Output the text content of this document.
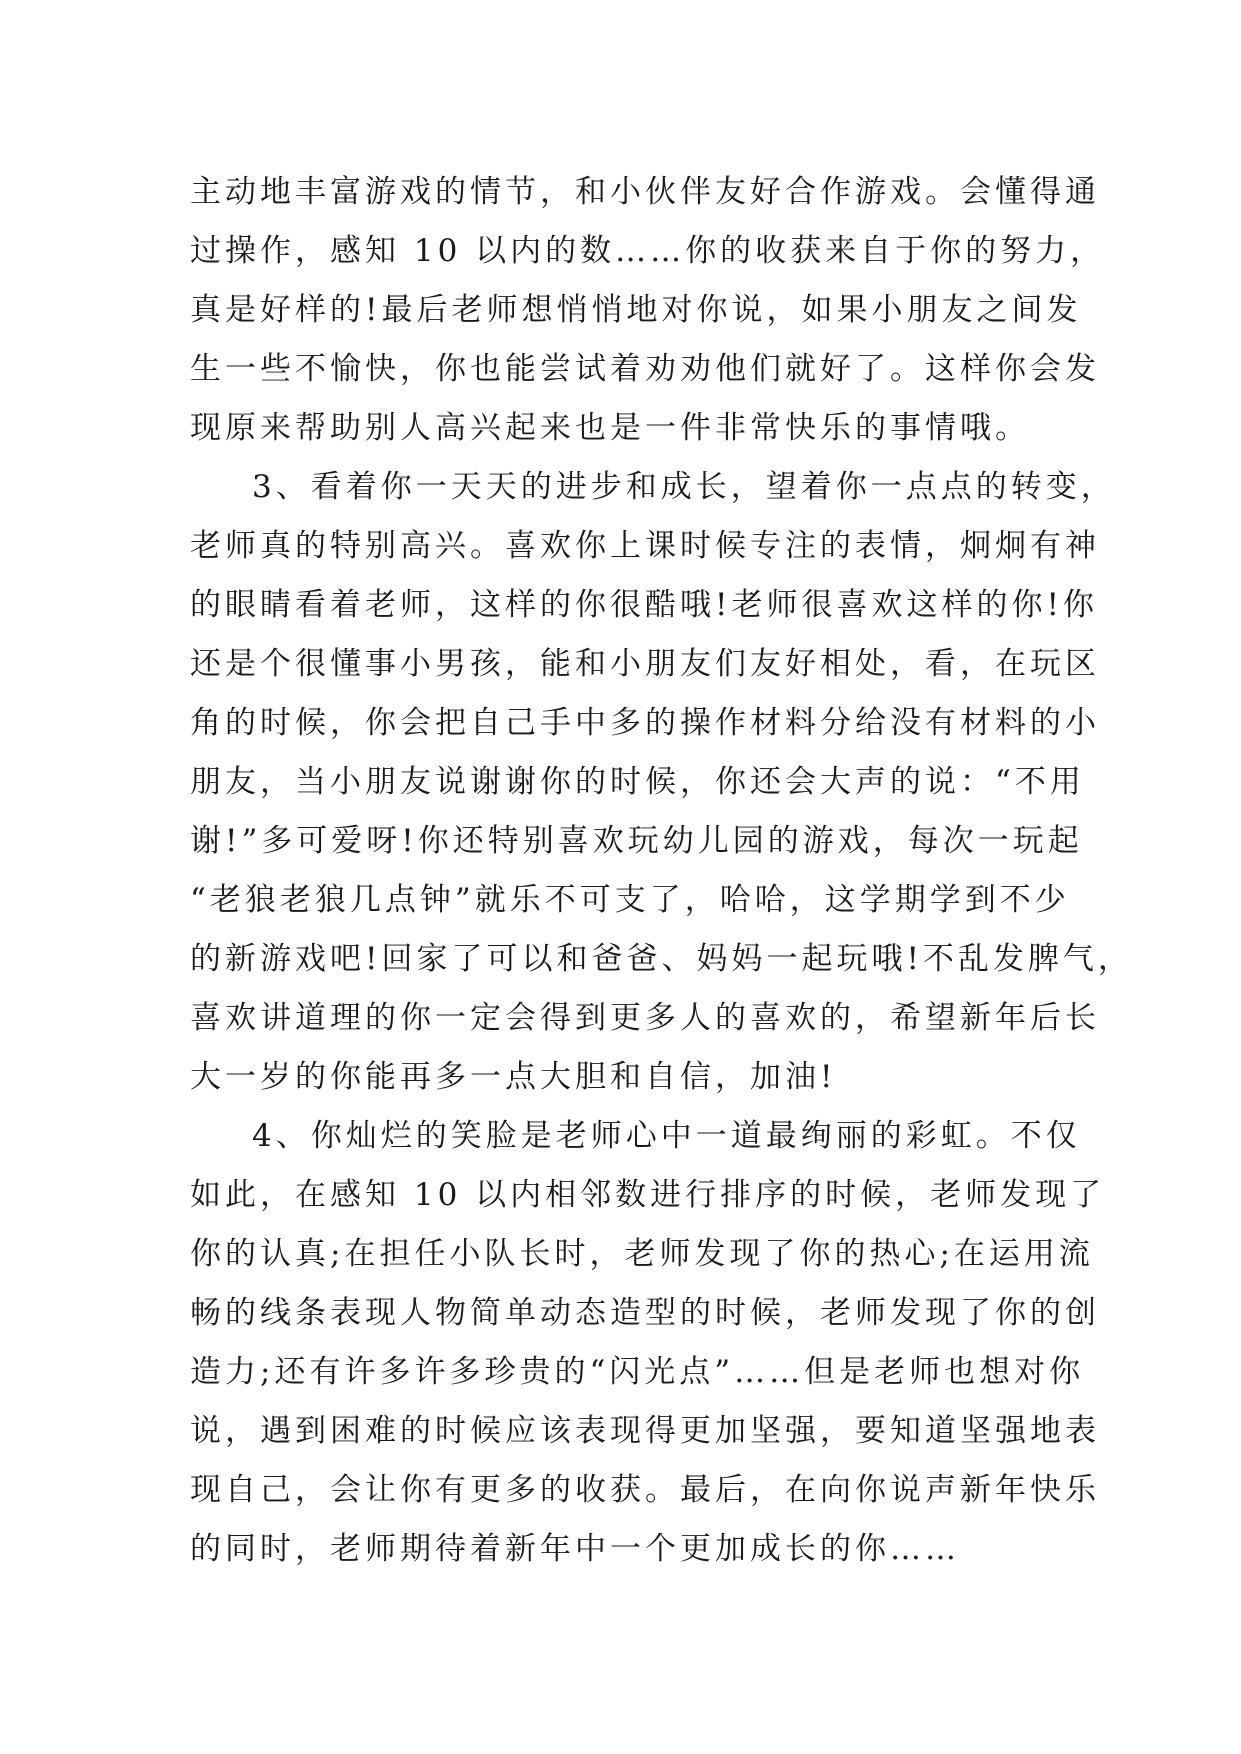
主动地丰富游戏的情节，和小伙伴友好合作游戏。会懂得通
过操作，感知 10 以内的数……你的收获来自于你的努力，
真是好样的!最后老师想悄悄地对你说，如果小朋友之间发
生一些不愉快，你也能尝试着劝劝他们就好了。这样你会发
现原来帮助别人高兴起来也是一件非常快乐的事情哦。
3、看着你一天天的进步和成长，望着你一点点的转变，
老师真的特别高兴。喜欢你上课时候专注的表情，炯炯有神
的眼睛看着老师，这样的你很酷哦!老师很喜欢这样的你!你
还是个很懂事小男孩，能和小朋友们友好相处，看，在玩区
角的时候，你会把自己手中多的操作材料分给没有材料的小
朋友，当小朋友说谢谢你的时候，你还会大声的说：“不用
谢!”多可爱呀!你还特别喜欢玩幼儿园的游戏，每次一玩起
“老狼老狼几点钟”就乐不可支了，哈哈，这学期学到不少
的新游戏吧!回家了可以和爸爸、妈妈一起玩哦!不乱发脾气，
喜欢讲道理的你一定会得到更多人的喜欢的，希望新年后长
大一岁的你能再多一点大胆和自信，加油!
4、你灿烂的笑脸是老师心中一道最绚丽的彩虹。不仅
如此，在感知 10 以内相邻数进行排序的时候，老师发现了
你的认真;在担任小队长时，老师发现了你的热心;在运用流
畅的线条表现人物简单动态造型的时候，老师发现了你的创
造力;还有许多许多珍贵的“闪光点”……但是老师也想对你
说，遇到困难的时候应该表现得更加坚强，要知道坚强地表
现自己，会让你有更多的收获。最后，在向你说声新年快乐
的同时，老师期待着新年中一个更加成长的你……
